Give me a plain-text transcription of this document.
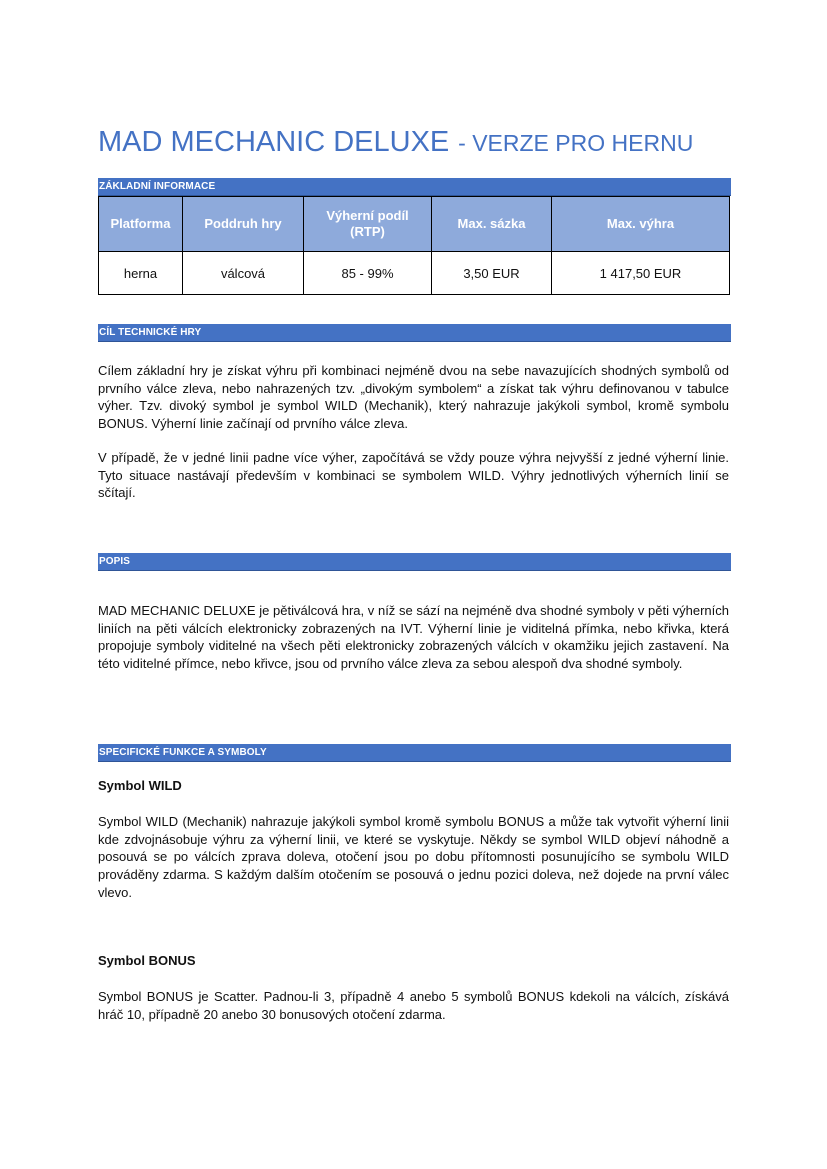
MAD MECHANIC DELUXE - VERZE PRO HERNU
ZÁKLADNÍ INFORMACE
Platforma	Poddruh hry	Výherní podíl (RTP)	Max. sázka	Max. výhra
herna	válcová	85 - 99%	3,50 EUR	1 417,50 EUR
CÍL TECHNICKÉ HRY

Cílem základní hry je získat výhru při kombinaci nejméně dvou na sebe navazujících shodných symbolů od prvního válce zleva, nebo nahrazených tzv. „divokým symbolem“ a získat tak výhru definovanou v tabulce výher. Tzv. divoký symbol je symbol WILD (Mechanik), který nahrazuje jakýkoli symbol, kromě symbolu BONUS. Výherní linie začínají od prvního válce zleva.

V případě, že v jedné linii padne více výher, započítává se vždy pouze výhra nejvyšší z jedné výherní linie. Tyto situace nastávají především v kombinaci se symbolem WILD. Výhry jednotlivých výherních linií se sčítají.

POPIS

MAD MECHANIC DELUXE je pětiválcová hra, v níž se sází na nejméně dva shodné symboly v pěti výherních liniích na pěti válcích elektronicky zobrazených na IVT. Výherní linie je viditelná přímka, nebo křivka, která propojuje symboly viditelné na všech pěti elektronicky zobrazených válcích v okamžiku jejich zastavení. Na této viditelné přímce, nebo křivce, jsou od prvního válce zleva za sebou alespoň dva shodné symboly.

SPECIFICKÉ FUNKCE A SYMBOLY
Symbol WILD

Symbol WILD (Mechanik) nahrazuje jakýkoli symbol kromě symbolu BONUS a může tak vytvořit výherní linii kde zdvojnásobuje výhru za výherní linii, ve které se vyskytuje. Někdy se symbol WILD objeví náhodně a posouvá se po válcích zprava doleva, otočení jsou po dobu přítomnosti posunujícího se symbolu WILD prováděny zdarma. S každým dalším otočením se posouvá o jednu pozici doleva, než dojede na první válec vlevo.

Symbol BONUS

Symbol BONUS je Scatter. Padnou-li 3, případně 4 anebo 5 symbolů BONUS kdekoli na válcích, získává hráč 10, případně 20 anebo 30 bonusových otočení zdarma.
